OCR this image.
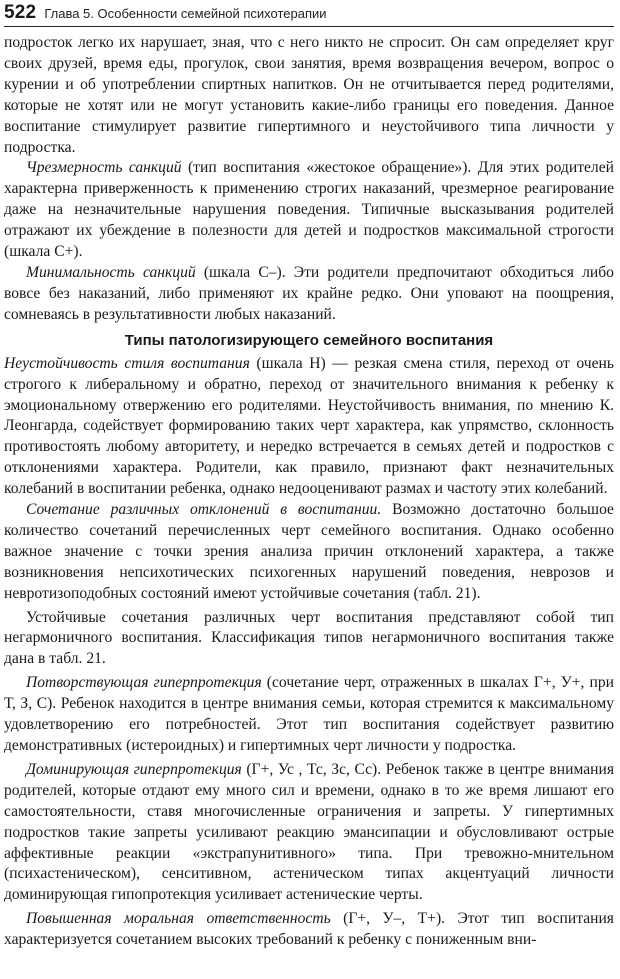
522 Глава 5. Особенности семейной психотерапии

подросток легко их нарушает, зная, что с него никто не спросит. Он сам определяет круг своих друзей, время еды, прогулок, свои занятия, время возвращения вечером, вопрос о курении и об употреблении спиртных напитков. Он не отчитывается перед родителями, которые не хотят или не могут установить какие-либо границы его поведения. Данное воспитание стимулирует развитие гипертимного и неустойчивого типа личности у подростка.

Чрезмерность санкций (тип воспитания «жестокое обращение»). Для этих родителей характерна приверженность к применению строгих наказаний, чрезмерное реагирование даже на незначительные нарушения поведения. Типичные высказывания родителей отражают их убеждение в полезности для детей и подростков максимальной строгости (шкала С+).

Минимальность санкций (шкала С–). Эти родители предпочитают обходиться либо вовсе без наказаний, либо применяют их крайне редко. Они уповают на поощрения, сомневаясь в результативности любых наказаний.

Типы патологизирующего семейного воспитания

Неустойчивость стиля воспитания (шкала Н) — резкая смена стиля, переход от очень строгого к либеральному и обратно, переход от значительного внимания к ребенку к эмоциональному отвержению его родителями. Неустойчивость внимания, по мнению К. Леонгарда, содействует формированию таких черт характера, как упрямство, склонность противостоять любому авторитету, и нередко встречается в семьях детей и подростков с отклонениями характера. Родители, как правило, признают факт незначительных колебаний в воспитании ребенка, однако недооценивают размах и частоту этих колебаний.

Сочетание различных отклонений в воспитании. Возможно достаточно большое количество сочетаний перечисленных черт семейного воспитания. Однако особенно важное значение с точки зрения анализа причин отклонений характера, а также возникновения непсихотических психогенных нарушений поведения, неврозов и невротизоподобных состояний имеют устойчивые сочетания (табл. 21).

Устойчивые сочетания различных черт воспитания представляют собой тип негармоничного воспитания. Классификация типов негармоничного воспитания также дана в табл. 21.

Потворствующая гиперпротекция (сочетание черт, отраженных в шкалах Г+, У+, при Т, З, С). Ребенок находится в центре внимания семьи, которая стремится к максимальному удовлетворению его потребностей. Этот тип воспитания содействует развитию демонстративных (истероидных) и гипертимных черт личности у подростка.

Доминирующая гиперпротекция (Г+, Ус , Тс, Зс, Сс). Ребенок также в центре внимания родителей, которые отдают ему много сил и времени, однако в то же время лишают его самостоятельности, ставя многочисленные ограничения и запреты. У гипертимных подростков такие запреты усиливают реакцию эмансипации и обусловливают острые аффективные реакции «экстрапунитивного» типа. При тревожно-мнительном (психастеническом), сенситивном, астеническом типах акцентуаций личности доминирующая гипопротекция усиливает астенические черты.

Повышенная моральная ответственность (Г+, У–, Т+). Этот тип воспитания характеризуется сочетанием высоких требований к ребенку с пониженным вни-
